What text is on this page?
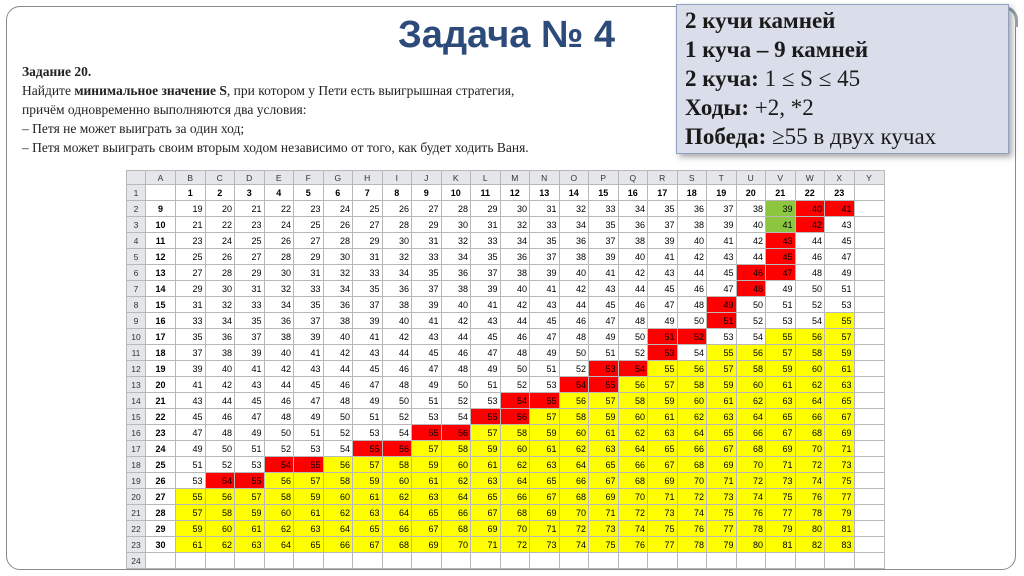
Задача № 4
Задание 20.
Найдите минимальное значение S, при котором у Пети есть выигрышная стратегия,
причём одновременно выполняются два условия:
– Петя не может выиграть за один ход;
– Петя может выиграть своим вторым ходом независимо от того, как будет ходить Ваня.
2 кучи камней
1 куча – 9 камней
2 куча: 1 ≤ S ≤ 45
Ходы: +2, *2
Победа: ≥55 в двух кучах
	A	B	C	D	E	F	G	H	I	J	K	L	M	N	O	P	Q	R	S	T	U	V	W	X	Y
1		1	2	3	4	5	6	7	8	9	10	11	12	13	14	15	16	17	18	19	20	21	22	23	
2	9	19	20	21	22	23	24	25	26	27	28	29	30	31	32	33	34	35	36	37	38	39	40	41	
3	10	21	22	23	24	25	26	27	28	29	30	31	32	33	34	35	36	37	38	39	40	41	42	43	
4	11	23	24	25	26	27	28	29	30	31	32	33	34	35	36	37	38	39	40	41	42	43	44	45	
5	12	25	26	27	28	29	30	31	32	33	34	35	36	37	38	39	40	41	42	43	44	45	46	47	
6	13	27	28	29	30	31	32	33	34	35	36	37	38	39	40	41	42	43	44	45	46	47	48	49	
7	14	29	30	31	32	33	34	35	36	37	38	39	40	41	42	43	44	45	46	47	48	49	50	51	
8	15	31	32	33	34	35	36	37	38	39	40	41	42	43	44	45	46	47	48	49	50	51	52	53	
9	16	33	34	35	36	37	38	39	40	41	42	43	44	45	46	47	48	49	50	51	52	53	54	55	
10	17	35	36	37	38	39	40	41	42	43	44	45	46	47	48	49	50	51	52	53	54	55	56	57	
11	18	37	38	39	40	41	42	43	44	45	46	47	48	49	50	51	52	53	54	55	56	57	58	59	
12	19	39	40	41	42	43	44	45	46	47	48	49	50	51	52	53	54	55	56	57	58	59	60	61	
13	20	41	42	43	44	45	46	47	48	49	50	51	52	53	54	55	56	57	58	59	60	61	62	63	
14	21	43	44	45	46	47	48	49	50	51	52	53	54	55	56	57	58	59	60	61	62	63	64	65	
15	22	45	46	47	48	49	50	51	52	53	54	55	56	57	58	59	60	61	62	63	64	65	66	67	
16	23	47	48	49	50	51	52	53	54	55	56	57	58	59	60	61	62	63	64	65	66	67	68	69	
17	24	49	50	51	52	53	54	55	56	57	58	59	60	61	62	63	64	65	66	67	68	69	70	71	
18	25	51	52	53	54	55	56	57	58	59	60	61	62	63	64	65	66	67	68	69	70	71	72	73	
19	26	53	54	55	56	57	58	59	60	61	62	63	64	65	66	67	68	69	70	71	72	73	74	75	
20	27	55	56	57	58	59	60	61	62	63	64	65	66	67	68	69	70	71	72	73	74	75	76	77	
21	28	57	58	59	60	61	62	63	64	65	66	67	68	69	70	71	72	73	74	75	76	77	78	79	
22	29	59	60	61	62	63	64	65	66	67	68	69	70	71	72	73	74	75	76	77	78	79	80	81	
23	30	61	62	63	64	65	66	67	68	69	70	71	72	73	74	75	76	77	78	79	80	81	82	83	
24																									
